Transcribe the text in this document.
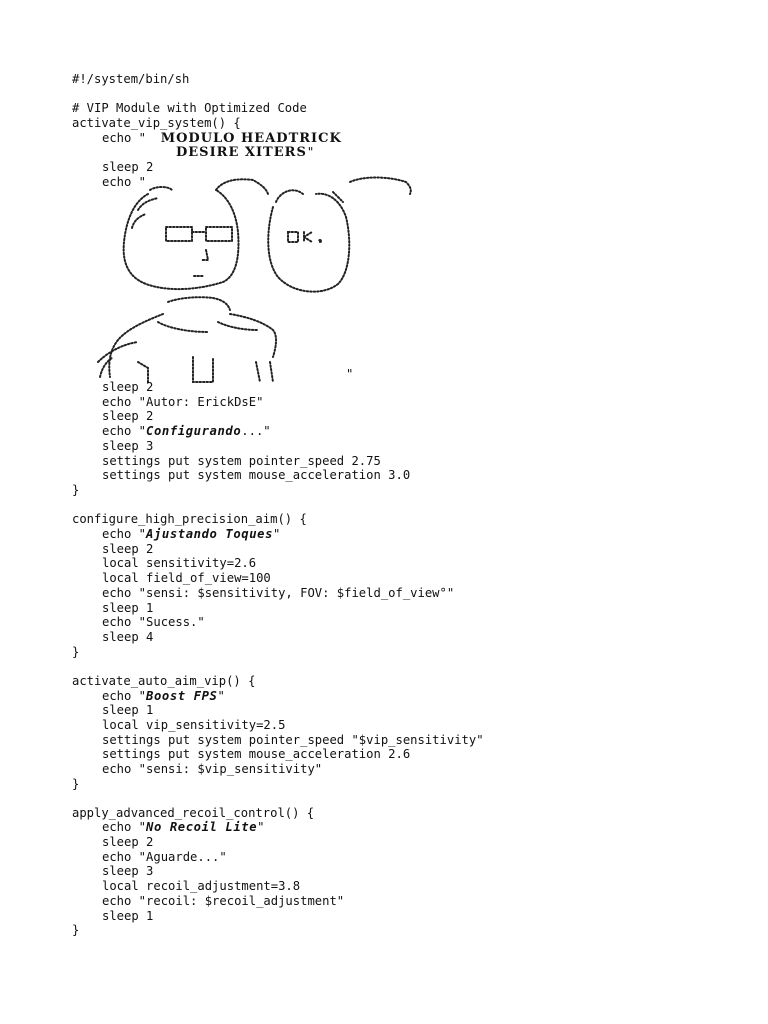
#!/system/bin/sh
# VIP Module with Optimized Code
activate_vip_system() {
echo "  MODULO HEADTRICK
DESIRE XITERS"
sleep 2
echo "
"
sleep 2
echo "Autor: ErickDsE"
sleep 2
echo "Configurando..."
sleep 3
settings put system pointer_speed 2.75
settings put system mouse_acceleration 3.0
}
configure_high_precision_aim() {
echo "Ajustando Toques"
sleep 2
local sensitivity=2.6
local field_of_view=100
echo "sensi: $sensitivity, FOV: $field_of_view°"
sleep 1
echo "Sucess."
sleep 4
}
activate_auto_aim_vip() {
echo "Boost FPS"
sleep 1
local vip_sensitivity=2.5
settings put system pointer_speed "$vip_sensitivity"
settings put system mouse_acceleration 2.6
echo "sensi: $vip_sensitivity"
}
apply_advanced_recoil_control() {
echo "No Recoil Lite"
sleep 2
echo "Aguarde..."
sleep 3
local recoil_adjustment=3.8
echo "recoil: $recoil_adjustment"
sleep 1
}
